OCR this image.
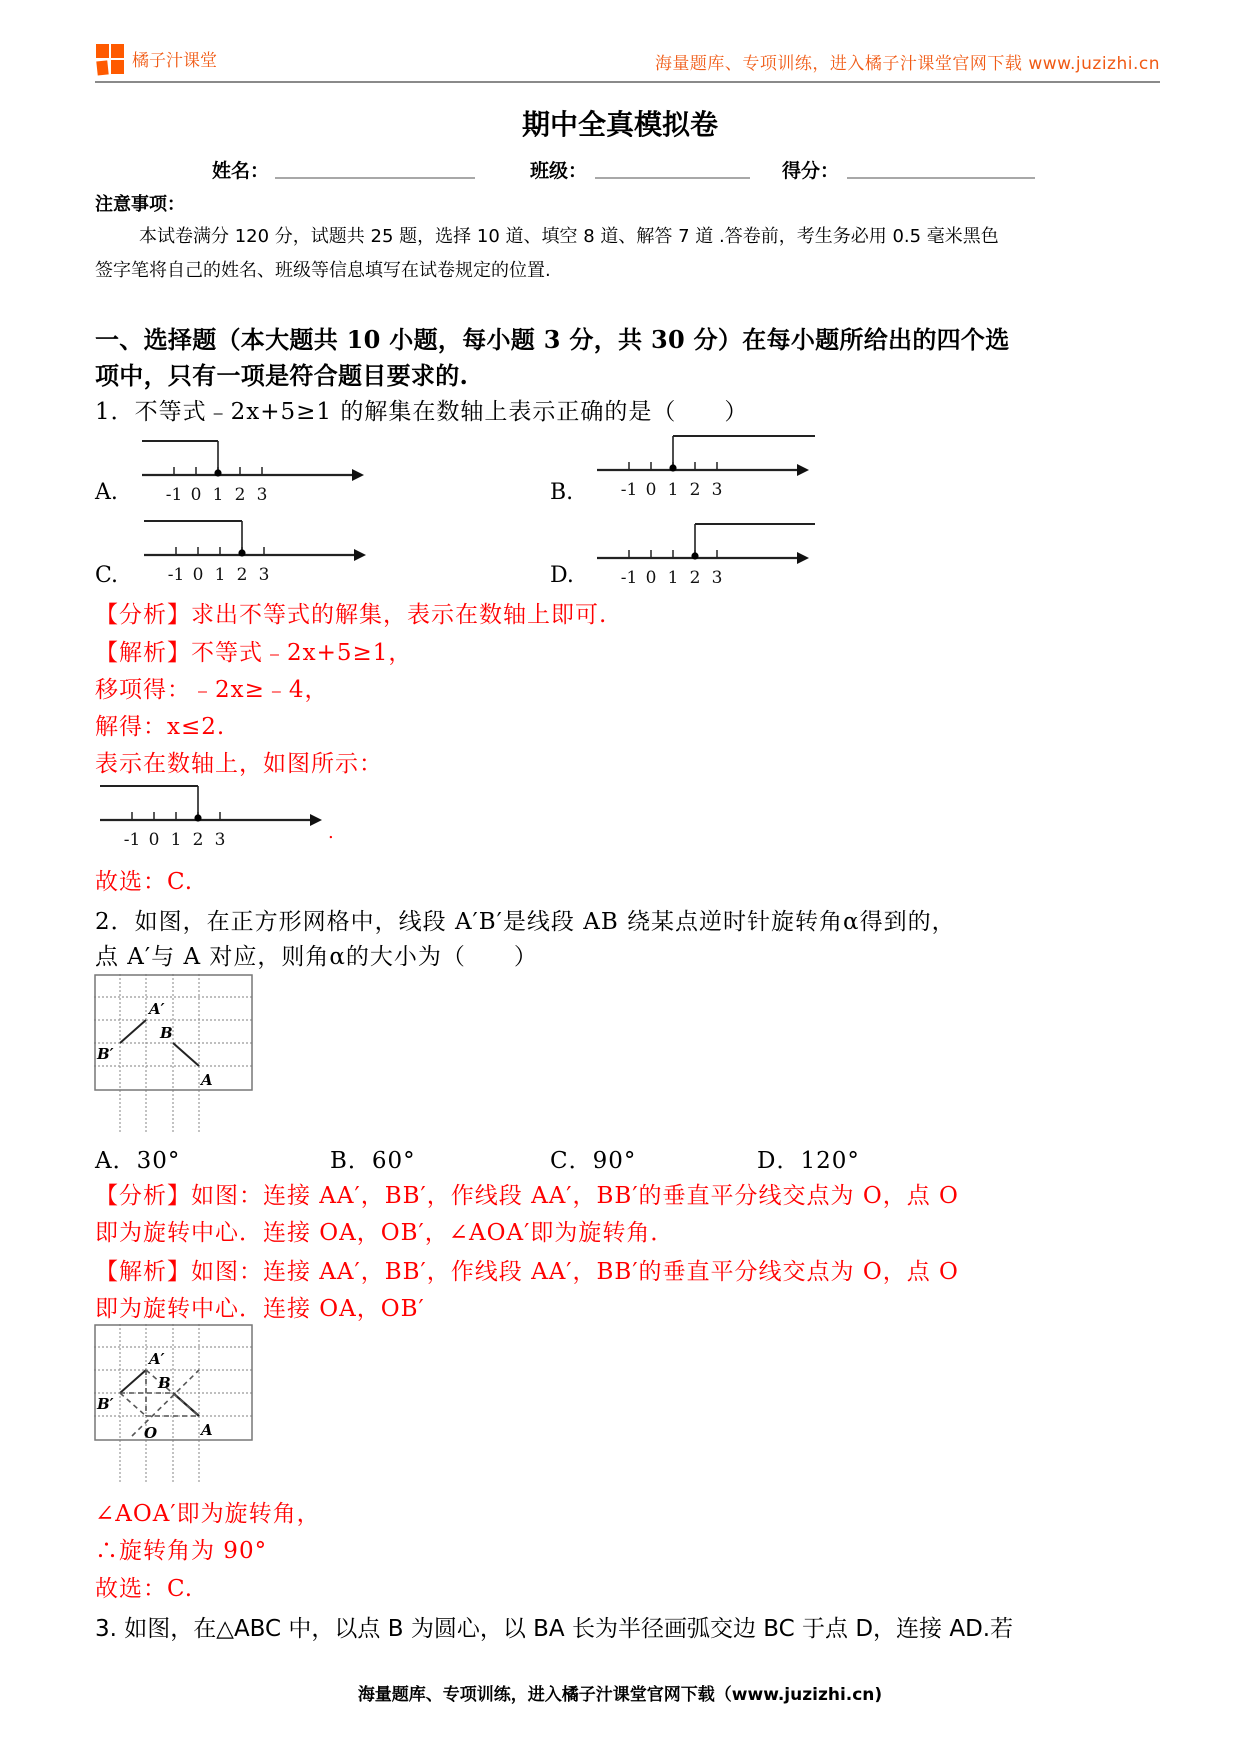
橘子汁课堂	海量题库、专项训练，进入橘子汁课堂官网下载 www.juzizhi.cn
期中全真模拟卷
姓名：	班级：	得分：
注意事项：
本试卷满分 120 分，试题共 25 题，选择 10 道、填空 8 道、解答 7 道 .答卷前，考生务必用 0.5 毫米黑色
签字笔将自己的姓名、班级等信息填写在试卷规定的位置.
一、选择题（本大题共 10 小题，每小题 3 分，共 30 分）在每小题所给出的四个选
项中，只有一项是符合题目要求的.
1．不等式﹣2x+5≥1 的解集在数轴上表示正确的是（　　）
A.	-1 0 1 2 3	B.	-1 0 1 2 3
C.	-1 0 1 2 3	D.	-1 0 1 2 3
【分析】求出不等式的解集，表示在数轴上即可.
【解析】不等式﹣2x+5≥1，
移项得：﹣2x≥﹣4，
解得：x≤2.
表示在数轴上，如图所示：
-1 0 1 2 3	.
故选：C.
2．如图，在正方形网格中，线段 A′B′是线段 AB 绕某点逆时针旋转角α得到的，
点 A′与 A 对应，则角α的大小为（　　）
A′
B
B′
A
A．30°	B．60°	C．90°	D．120°
【分析】如图：连接 AA′，BB′，作线段 AA′，BB′的垂直平分线交点为 O，点 O
即为旋转中心．连接 OA，OB′，∠AOA′即为旋转角．
【解析】如图：连接 AA′，BB′，作线段 AA′，BB′的垂直平分线交点为 O，点 O
即为旋转中心．连接 OA，OB′
A′
B
B′
A
O
∠AOA′即为旋转角，
∴旋转角为 90°
故选：C.
3. 如图，在△ABC 中，以点 B 为圆心，以 BA 长为半径画弧交边 BC 于点 D，连接 AD.若
海量题库、专项训练，进入橘子汁课堂官网下载（www.juzizhi.cn)
